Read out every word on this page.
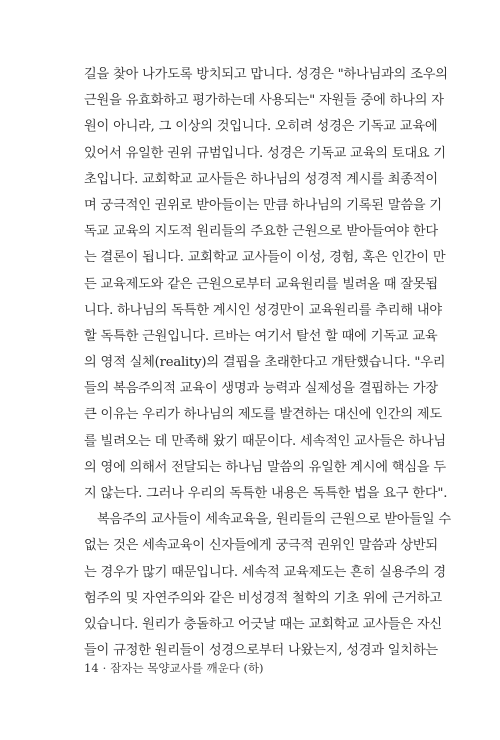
길을 찾아 나가도록 방치되고 맙니다. 성경은 "하나님과의 조우의
근원을 유효화하고 평가하는데 사용되는" 자원들 중에 하나의 자
원이 아니라, 그 이상의 것입니다. 오히려 성경은 기독교 교육에
있어서 유일한 권위 규범입니다. 성경은 기독교 교육의 토대요 기
초입니다. 교회학교 교사들은 하나님의 성경적 계시를 최종적이
며 궁극적인 권위로 받아들이는 만큼 하나님의 기록된 말씀을 기
독교 교육의 지도적 원리들의 주요한 근원으로 받아들여야 한다
는 결론이 됩니다. 교회학교 교사들이 이성, 경험, 혹은 인간이 만
든 교육제도와 같은 근원으로부터 교육원리를 빌려올 때 잘못됩
니다. 하나님의 독특한 계시인 성경만이 교육원리를 추리해 내야
할 독특한 근원입니다. 르바는 여기서 탈선 할 때에 기독교 교육
의 영적 실체(reality)의 결핍을 초래한다고 개탄했습니다. "우리
들의 복음주의적 교육이 생명과 능력과 실제성을 결핍하는 가장
큰 이유는 우리가 하나님의 제도를 발견하는 대신에 인간의 제도
를 빌려오는 데 만족해 왔기 때문이다. 세속적인 교사들은 하나님
의 영에 의해서 전달되는 하나님 말씀의 유일한 계시에 핵심을 두
지 않는다. 그러나 우리의 독특한 내용은 독특한 법을 요구 한다".
복음주의 교사들이 세속교육을, 원리들의 근원으로 받아들일 수
없는 것은 세속교육이 신자들에게 궁극적 권위인 말씀과 상반되
는 경우가 많기 때문입니다. 세속적 교육제도는 흔히 실용주의 경
험주의 및 자연주의와 같은 비성경적 철학의 기초 위에 근거하고
있습니다. 원리가 충돌하고 어긋날 때는 교회학교 교사들은 자신
들이 규정한 원리들이 성경으로부터 나왔는지, 성경과 일치하는
14 · 잠자는 목양교사를 깨운다 (하)
